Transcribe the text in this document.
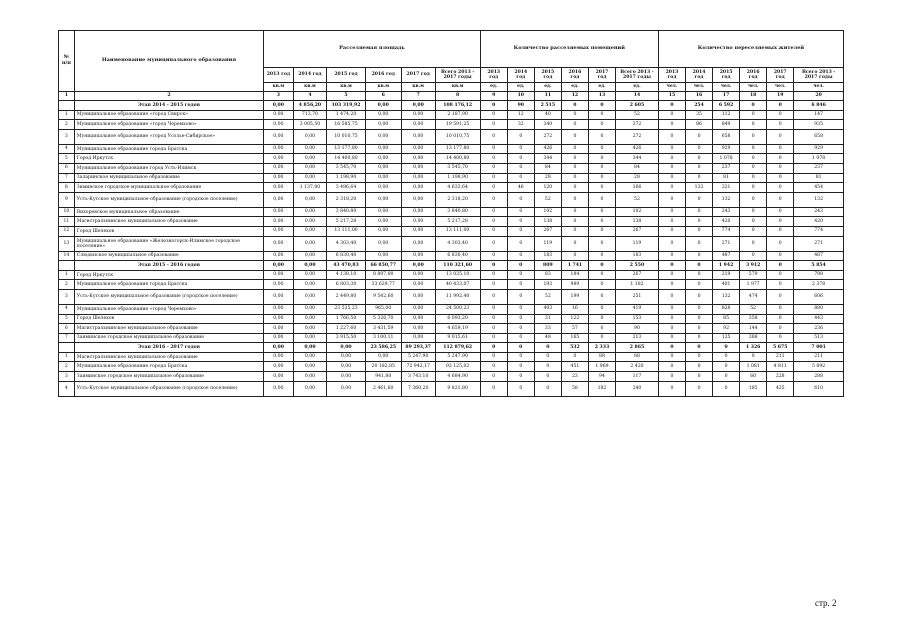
№ п/п	Наименование муниципального образования	Расселяемая площадь						Количество расселяемых помещений						Количество переселяемых жителей					
		2013 год	2014 год	2015 год	2016 год	2017 год	Всего 2013 - 2017 годы	2013 год	2014 год	2015 год	2016 год	2017 год	Всего 2013 - 2017 годы	2013 год	2014 год	2015 год	2016 год	2017 год	Всего 2013 - 2017 годы
		кв.м	кв.м	кв.м	кв.м	кв.м	кв.м	ед.	ед.	ед.	ед.	ед.	ед.	чел.	чел.	чел.	чел.	чел.	чел.
1	2	3	4	5	6	7	8	9	10	11	12	13	14	15	16	17	18	19	20
	Этап 2014 - 2015 годов	0,00	4 856,20	103 319,92	0,00	0,00	108 176,12	0	90	2 515	0	0	2 605	0	254	6 592	0	0	6 846
1	Муниципальное образование «город Свирск»	0,00	713,70	1 474,20	0,00	0,00	2 187,90	0	12	40	0	0	52	0	35	112	0	0	147
2	Муниципальное образование «город Черемхово»	0,00	3 005,50	16 585,75	0,00	0,00	19 591,25	0	32	340	0	0	372	0	86	849	0	0	935
3	Муниципальное образование «город Усолье-Сибирское»	0,00	0,00	10 010,75	0,00	0,00	10 010,75	0	0	272	0	0	272	0	0	658	0	0	658
4	Муниципальное образование города Братска	0,00	0,00	13 177,80	0,00	0,00	13 177,80	0	0	426	0	0	426	0	0	929	0	0	929
5	Город Иркутск	0,00	0,00	14 400,80	0,00	0,00	14 400,80	0	0	344	0	0	344	0	0	1 078	0	0	1 078
6	Муниципальное образование город Усть-Илимск	0,00	0,00	3 545,70	0,00	0,00	3 545,70	0	0	84	0	0	84	0	0	237	0	0	237
7	Заларинское муниципальное образование	0,00	0,00	1 198,90	0,00	0,00	1 198,90	0	0	28	0	0	28	0	0	81	0	0	81
8	Зиминское городское муниципальное образование	0,00	1 137,00	3 496,64	0,00	0,00	4 633,64	0	46	120	0	0	166	0	133	321	0	0	454
9	Усть-Кутское муниципальное образование (городское поселение)	0,00	0,00	2 318,20	0,00	0,00	2 318,20	0	0	52	0	0	52	0	0	132	0	0	132
10	Вихоревское муниципальное образование	0,00	0,00	3 840,80	0,00	0,00	3 840,80	0	0	102	0	0	102	0	0	243	0	0	243
11	Магистральнинское муниципальное образование	0,00	0,00	5 217,28	0,00	0,00	5 217,28	0	0	138	0	0	138	0	0	420	0	0	420
12	Город Шелехов	0,00	0,00	13 111,00	0,00	0,00	13 111,00	0	0	267	0	0	267	0	0	774	0	0	774
13	Муниципальное образование «Железногорск-Илимское городское поселение»	0,00	0,00	4 303,40	0,00	0,00	4 303,40	0	0	119	0	0	119	0	0	271	0	0	271
14	Слюдянское муниципальное образование	0,00	0,00	6 830,40	0,00	0,00	6 830,40	0	0	183	0	0	183	0	0	487	0	0	487
	Этап 2015 - 2016 годов	0,00	0,00	43 470,83	66 850,77	0,00	110 321,60	0	0	809	1 741	0	2 550	0	0	1 942	3 912	0	5 854
1	Город Иркутск	0,00	0,00	4 138,10	8 897,00	0,00	13 035,10	0	0	83	184	0	267	0	0	219	579	0	798
2	Муниципальное образование города Братска	0,00	0,00	6 803,30	33 629,77	0,00	40 433,07	0	0	193	989	0	1 182	0	0	401	1 977	0	2 378
3	Усть-Кутское муниципальное образование (городское поселение)	0,00	0,00	2 449,80	9 542,60	0,00	11 992,40	0	0	52	199	0	251	0	0	132	474	0	606
4	Муниципальное образование «город Черемхово»	0,00	0,00	23 535,23	965,00	0,00	24 500,23	0	0	403	16	0	419	0	0	828	52	0	880
5	Город Шелехов	0,00	0,00	1 766,50	5 326,70	0,00	6 093,20	0	0	31	122	0	153	0	0	85	358	0	443
6	Магистральнинское муниципальное образование	0,00	0,00	1 227,60	3 431,59	0,00	4 659,19	0	0	33	57	0	90	0	0	92	144	0	236
7	Заиминское городское муниципальное образование	0,00	0,00	3 915,50	3 100,11	0,00	9 015,61	0	0	48	165	0	213	0	0	125	388	0	513
	Этап 2016 - 2017 годов	0,00	0,00	0,00	23 586,25	89 293,37	112 879,62	0	0	0	532	2 333	2 865	0	0	0	1 326	5 675	7 001
1	Магистральнинское муниципальное образование	0,00	0,00	0,00	0,00	5 247,90	5 247,90	0	0	0	0	88	88	0	0	0	0	211	211
2	Муниципальное образование города Братска	0,00	0,00	0,00	20 182,85	72 942,17	93 125,02	0	0	0	451	1 969	2 420	0	0	0	1 081	4 811	5 892
3	Заиминское городское муниципальное образование	0,00	0,00	0,00	941,80	3 743,10	4 684,90	0	0	0	23	94	117	0	0	0	60	228	288
4	Усть-Кутское муниципальное образование (городское поселение)	0,00	0,00	0,00	2 461,60	7 360,20	9 821,80	0	0	0	58	182	240	0	0	0	185	425	610
стр. 2
